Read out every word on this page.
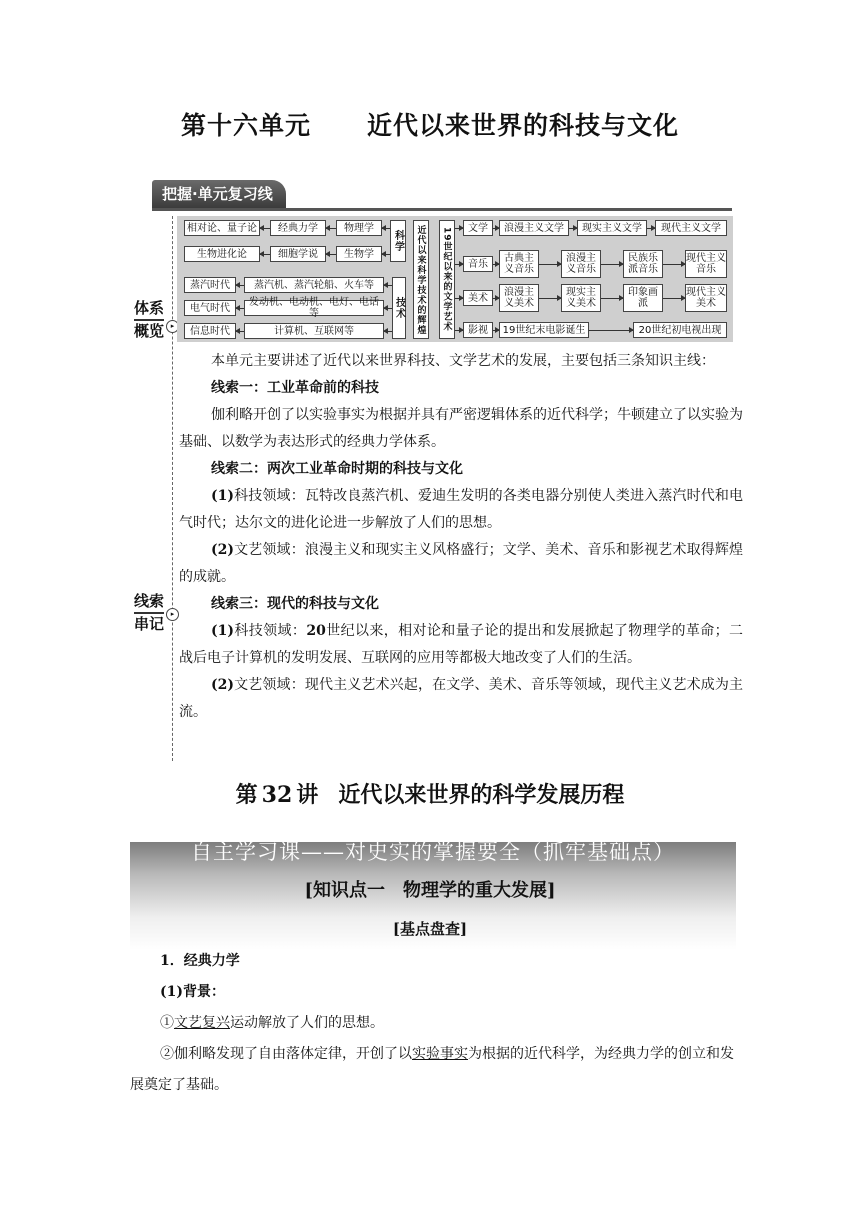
第十六单元 近代以来世界的科技与文化
把握·单元复习线索
体系
概览 ▸
线索
串记
▸
相对论、量子论	经典力学	物理学
生物进化论	细胞学说	生物学
科学
蒸汽时代	蒸汽机、蒸汽轮船、火车等
电气时代	发动机、电动机、电灯、电话等
信息时代	计算机、互联网等
技术 近代以来科学技术的辉煌	19世纪以来的文学艺术	文学	浪漫主义文学	现实主义文学	现代主义文学
音乐	古典主义音乐
浪漫主义音乐
民族乐派音乐
现代主义音乐
美术	浪漫主义美术
现实主义美术
印象画派
现代主义美术
影视	19世纪末电影诞生	20世纪初电视出现

本单元主要讲述了近代以来世界科技、文学艺术的发展，主要包括三条知识主线：

线索一：工业革命前的科技

伽利略开创了以实验事实为根据并具有严密逻辑体系的近代科学；牛顿建立了以实验为基础、以数学为表达形式的经典力学体系。

线索二：两次工业革命时期的科技与文化

(1)科技领域：瓦特改良蒸汽机、爱迪生发明的各类电器分别使人类进入蒸汽时代和电气时代；达尔文的进化论进一步解放了人们的思想。

(2)文艺领域：浪漫主义和现实主义风格盛行；文学、美术、音乐和影视艺术取得辉煌的成就。

线索三：现代的科技与文化

(1)科技领域：20世纪以来，相对论和量子论的提出和发展掀起了物理学的革命；二战后电子计算机的发明发展、互联网的应用等都极大地改变了人们的生活。

(2)文艺领域：现代主义艺术兴起，在文学、美术、音乐等领域，现代主义艺术成为主流。

第 32 讲 近代以来世界的科学发展历程
自主学习课——对史实的掌握要全（抓牢基础点）
[知识点一　物理学的重大发展]
[基点盘查]

1．经典力学

(1)背景：

①文艺复兴运动解放了人们的思想。

②伽利略发现了自由落体定律，开创了以实验事实为根据的近代科学，为经典力学的创立和发展奠定了基础。
